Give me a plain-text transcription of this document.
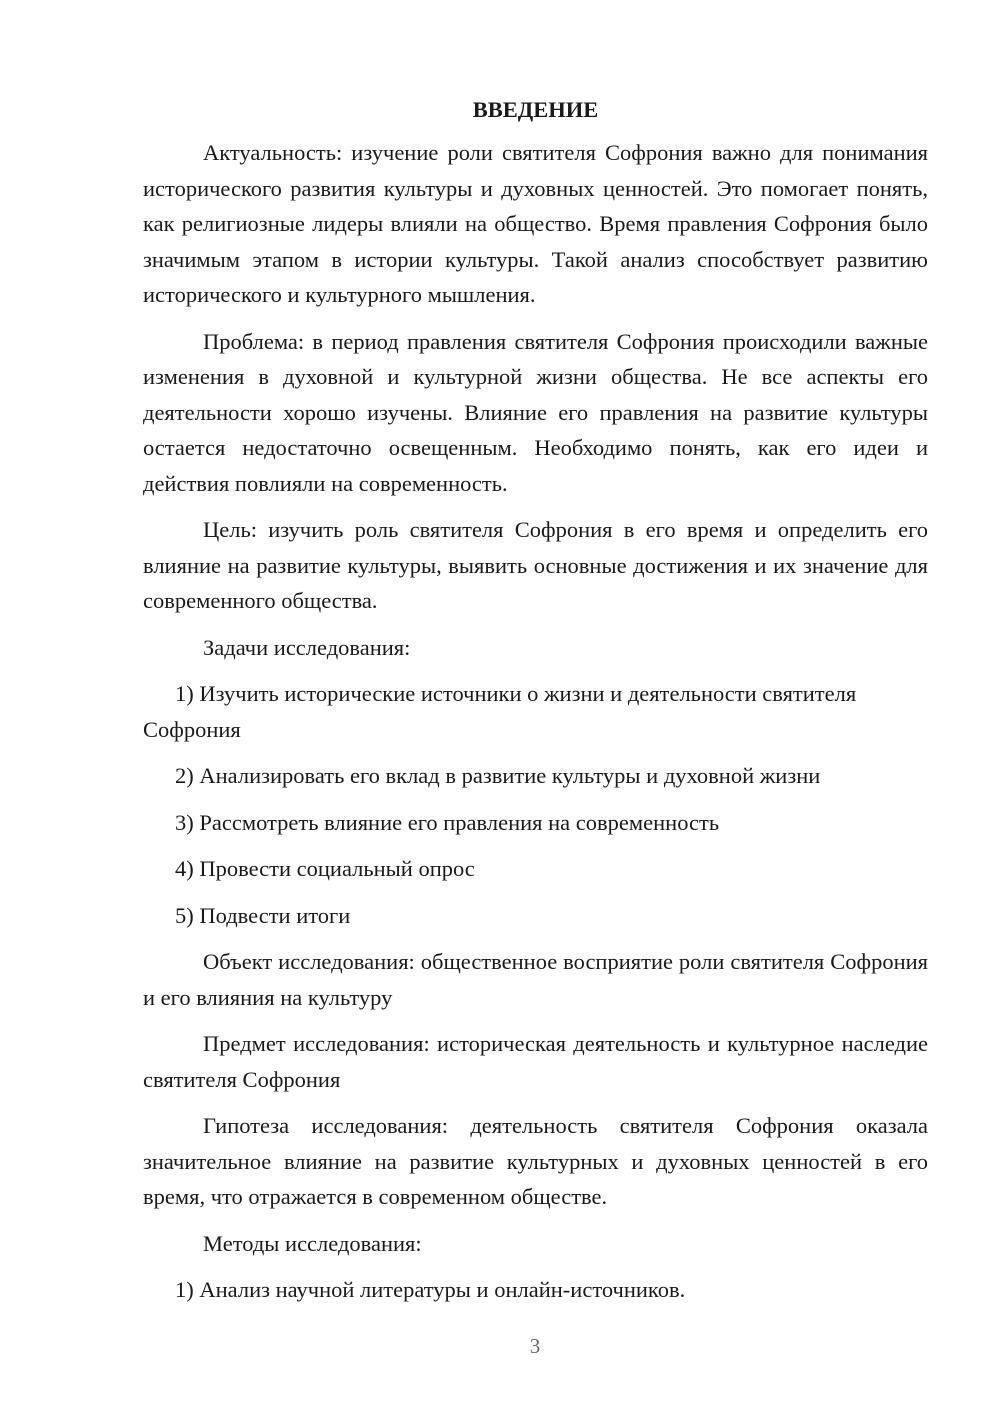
ВВЕДЕНИЕ

Актуальность: изучение роли святителя Софрония важно для понимания исторического развития культуры и духовных ценностей. Это помогает понять, как религиозные лидеры влияли на общество. Время правления Софрония было значимым этапом в истории культуры. Такой анализ способствует развитию исторического и культурного мышления.

Проблема: в период правления святителя Софрония происходили важные изменения в духовной и культурной жизни общества. Не все аспекты его деятельности хорошо изучены. Влияние его правления на развитие культуры остается недостаточно освещенным. Необходимо понять, как его идеи и действия повлияли на современность.

Цель: изучить роль святителя Софрония в его время и определить его влияние на развитие культуры, выявить основные достижения и их значение для современного общества.

Задачи исследования:

1) Изучить исторические источники о жизни и деятельности святителя Софрония

2) Анализировать его вклад в развитие культуры и духовной жизни

3) Рассмотреть влияние его правления на современность

4) Провести социальный опрос

5) Подвести итоги

Объект исследования: общественное восприятие роли святителя Софрония и его влияния на культуру

Предмет исследования: историческая деятельность и культурное наследие святителя Софрония

Гипотеза исследования: деятельность святителя Софрония оказала значительное влияние на развитие культурных и духовных ценностей в его время, что отражается в современном обществе.

Методы исследования:

1) Анализ научной литературы и онлайн-источников.

3
